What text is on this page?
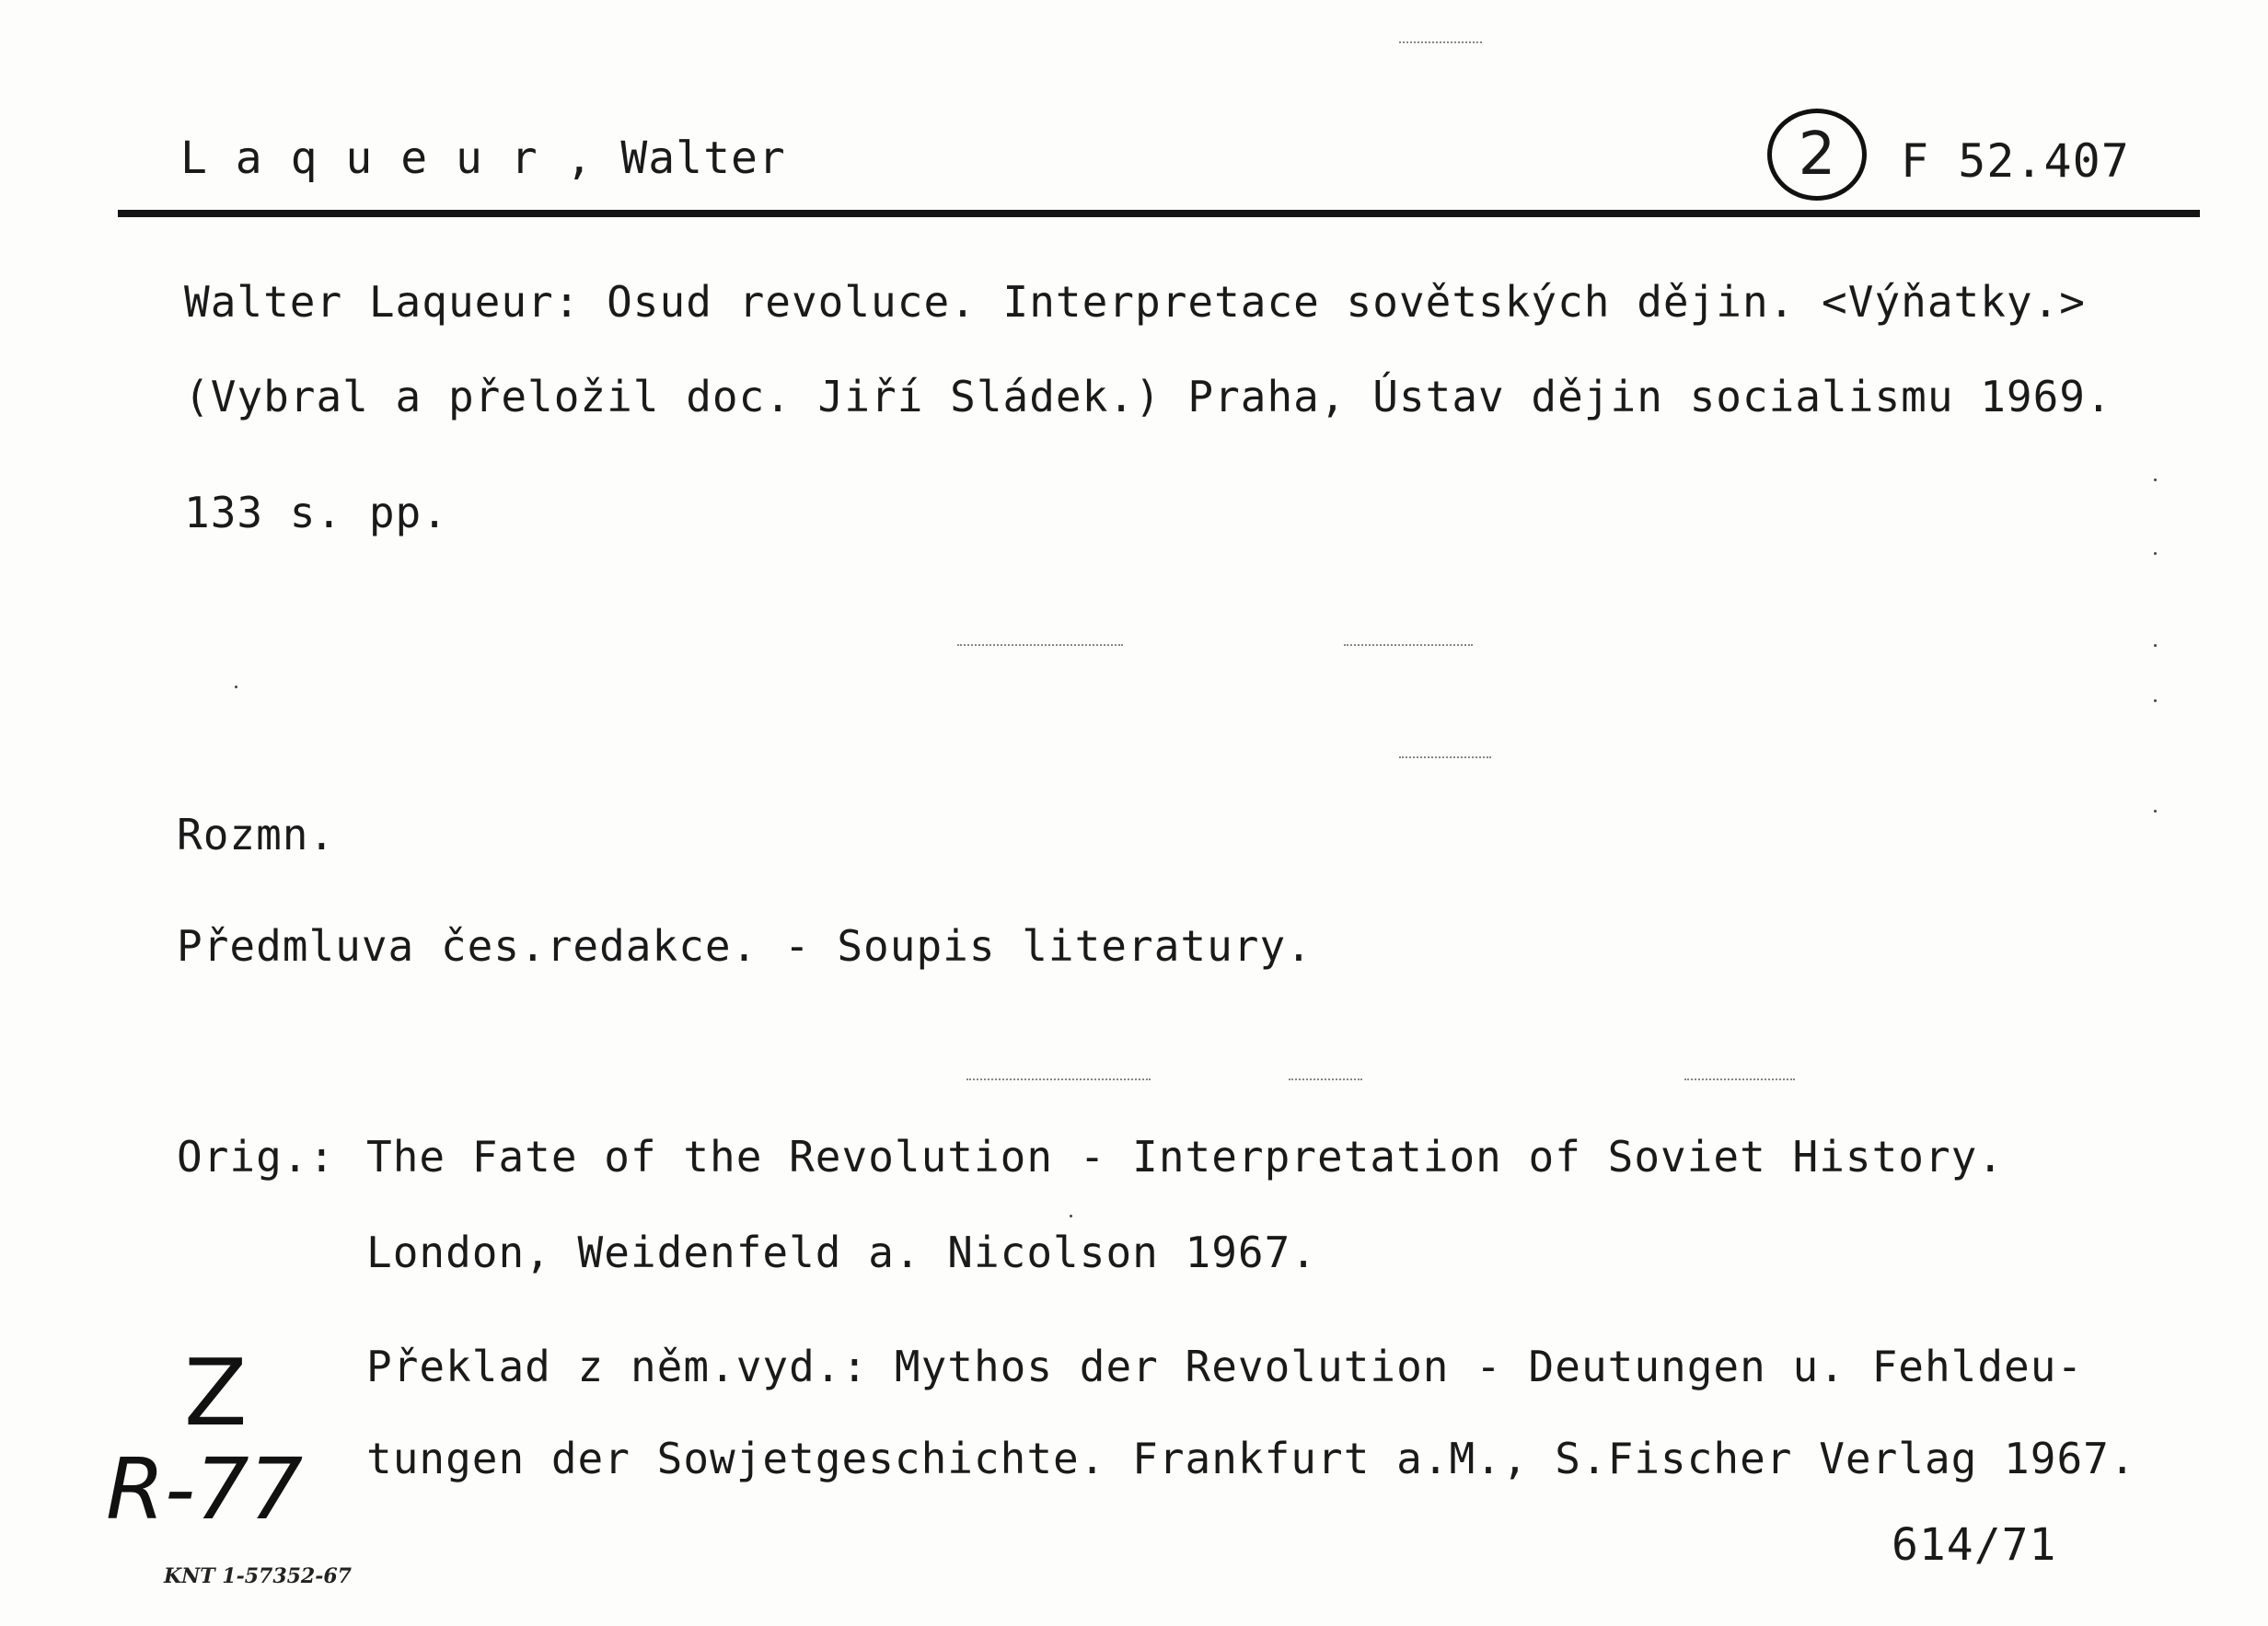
L a q u e u r , Walter	2	F 52.407
Walter Laqueur: Osud revoluce. Interpretace sovětských dějin. <Výňatky.>
(Vybral a přeložil doc. Jiří Sládek.) Praha, Ústav dějin socialismu 1969.
133 s. pp.
Rozmn.
Předmluva čes.redakce. - Soupis literatury.
Orig.: The Fate of the Revolution - Interpretation of Soviet History.
London, Weidenfeld a. Nicolson 1967.
Překlad z něm.vyd.: Mythos der Revolution - Deutungen u. Fehldeu-
tungen der Sowjetgeschichte. Frankfurt a.M., S.Fischer Verlag 1967.
Z
R-77
614/71
KNT 1-57352-67
